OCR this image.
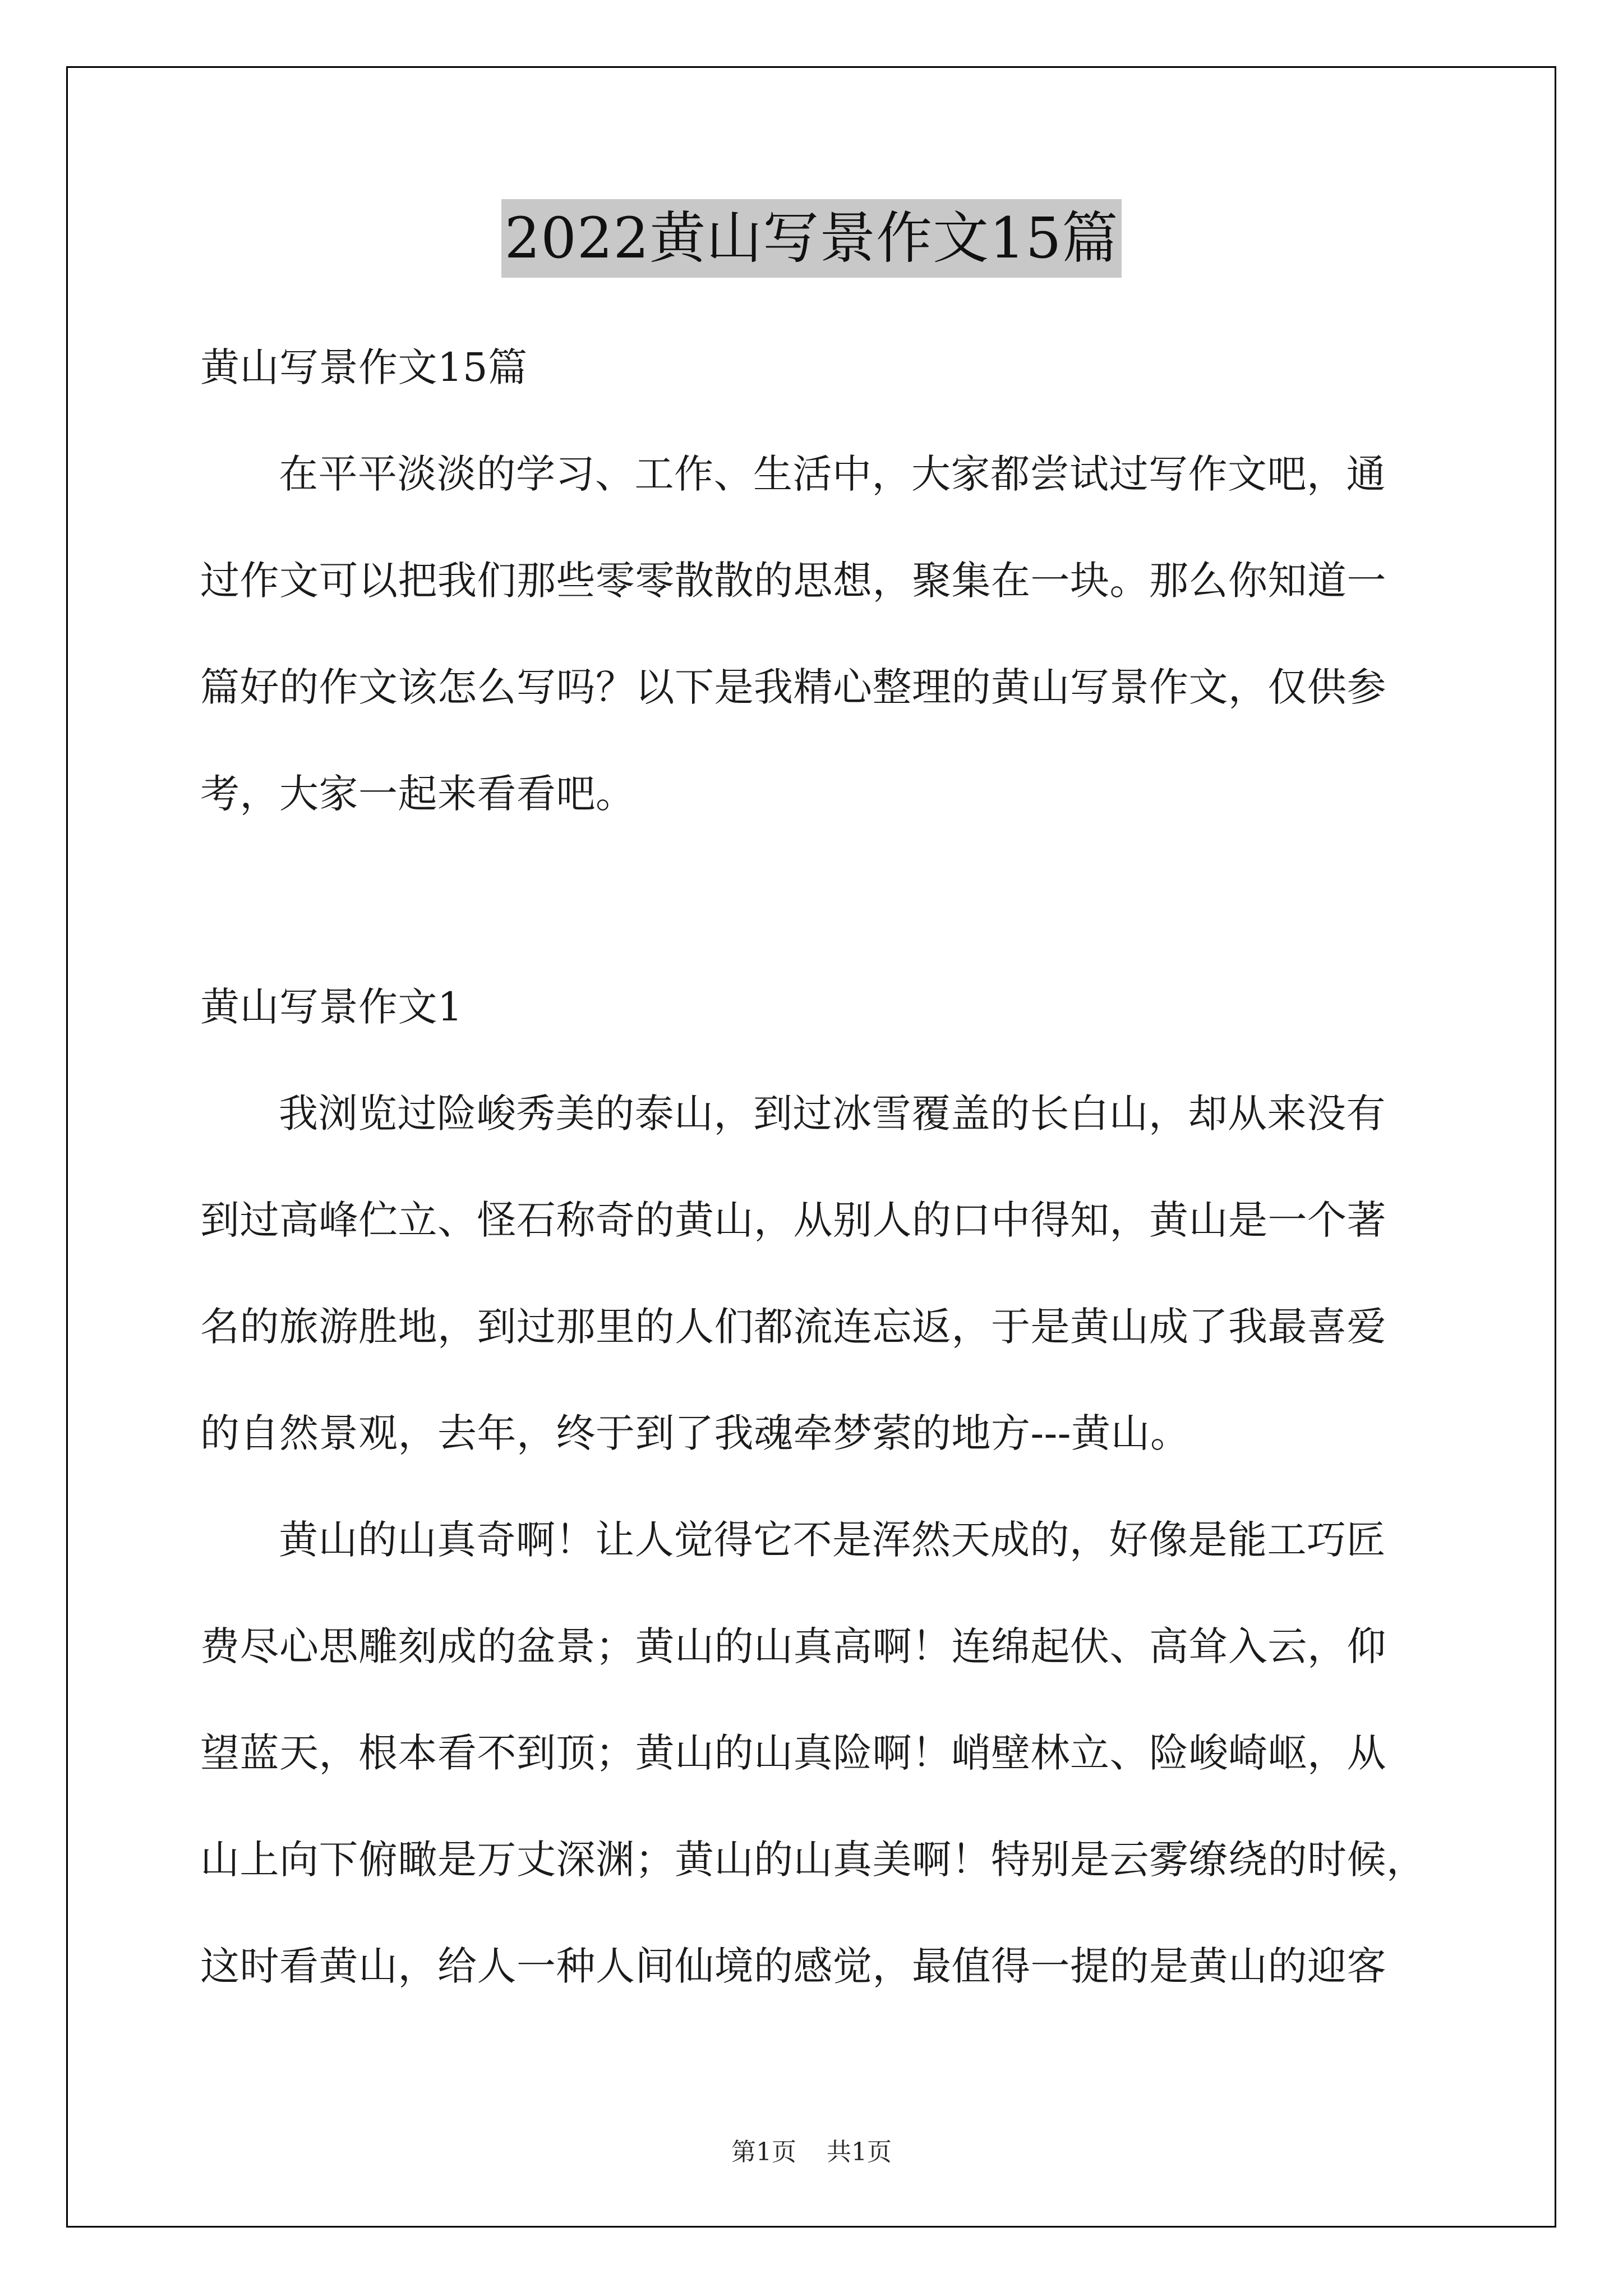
2022黄山写景作文15篇
黄山写景作文15篇
在平平淡淡的学习、工作、生活中，大家都尝试过写作文吧，通
过作文可以把我们那些零零散散的思想，聚集在一块。那么你知道一
篇好的作文该怎么写吗？以下是我精心整理的黄山写景作文，仅供参
考，大家一起来看看吧。
黄山写景作文1
我浏览过险峻秀美的泰山，到过冰雪覆盖的长白山，却从来没有
到过高峰伫立、怪石称奇的黄山，从别人的口中得知，黄山是一个著
名的旅游胜地，到过那里的人们都流连忘返，于是黄山成了我最喜爱
的自然景观，去年，终于到了我魂牵梦萦的地方---黄山。
黄山的山真奇啊！让人觉得它不是浑然天成的，好像是能工巧匠
费尽心思雕刻成的盆景；黄山的山真高啊！连绵起伏、高耸入云，仰
望蓝天，根本看不到顶；黄山的山真险啊！峭壁林立、险峻崎岖，从
山上向下俯瞰是万丈深渊；黄山的山真美啊！特别是云雾缭绕的时候，
这时看黄山，给人一种人间仙境的感觉，最值得一提的是黄山的迎客
第1页 共1页
